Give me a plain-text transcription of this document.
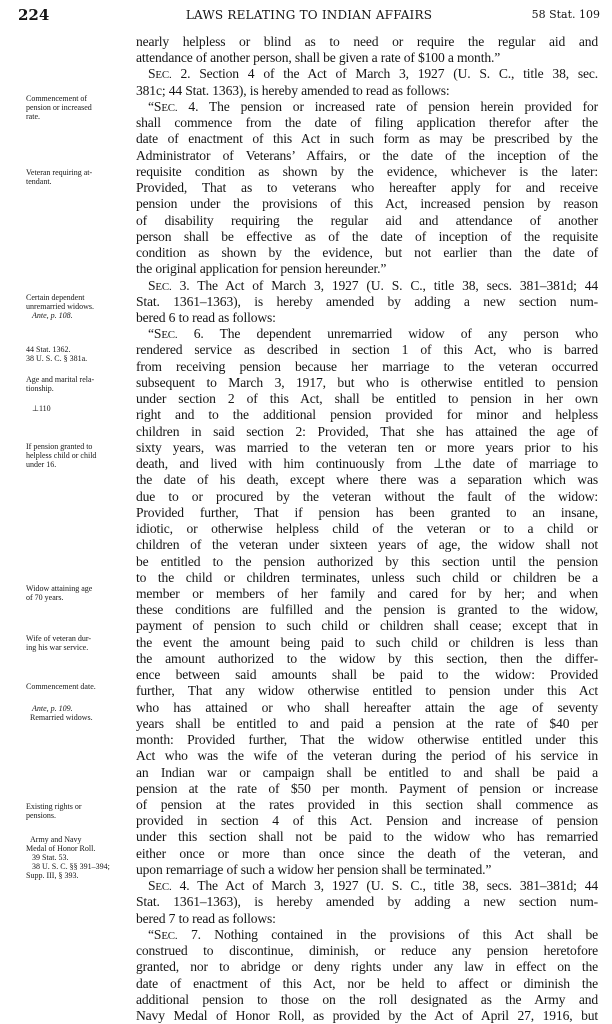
224	LAWS RELATING TO INDIAN AFFAIRS	58 Stat. 109
Commencement of
pension or increased
rate.
Veteran requiring at-
tendant.
Certain dependent
unremarried widows.
Ante, p. 108.
44 Stat. 1362.
38 U. S. C. § 381a.
Age and marital rela-
tionship.
⊥110
If pension granted to
helpless child or child
under 16.
Widow attaining age
of 70 years.
Wife of veteran dur-
ing his war service.
Commencement date.
Ante, p. 109.
Remarried widows.
Existing rights or
pensions.
Army and Navy
Medal of Honor Roll.
39 Stat. 53.
38 U. S. C. §§ 391–394;
Supp. III, § 393.
nearly helpless or blind as to need or require the regular aid and
attendance of another person, shall be given a rate of $100 a month.”
SEC. 2. Section 4 of the Act of March 3, 1927 (U. S. C., title 38, sec.
381c; 44 Stat. 1363), is hereby amended to read as follows:
“SEC. 4. The pension or increased rate of pension herein provided for
shall commence from the date of filing application therefor after the
date of enactment of this Act in such form as may be prescribed by the
Administrator of Veterans’ Affairs, or the date of the inception of the
requisite condition as shown by the evidence, whichever is the later:
Provided, That as to veterans who hereafter apply for and receive
pension under the provisions of this Act, increased pension by reason
of disability requiring the regular aid and attendance of another
person shall be effective as of the date of inception of the requisite
condition as shown by the evidence, but not earlier than the date of
the original application for pension hereunder.”
SEC. 3. The Act of March 3, 1927 (U. S. C., title 38, secs. 381–381d; 44
Stat. 1361–1363), is hereby amended by adding a new section num-
bered 6 to read as follows:
“SEC. 6. The dependent unremarried widow of any person who
rendered service as described in section 1 of this Act, who is barred
from receiving pension because her marriage to the veteran occurred
subsequent to March 3, 1917, but who is otherwise entitled to pension
under section 2 of this Act, shall be entitled to pension in her own
right and to the additional pension provided for minor and helpless
children in said section 2: Provided, That she has attained the age of
sixty years, was married to the veteran ten or more years prior to his
death, and lived with him continuously from ⊥the date of marriage to
the date of his death, except where there was a separation which was
due to or procured by the veteran without the fault of the widow:
Provided further, That if pension has been granted to an insane,
idiotic, or otherwise helpless child of the veteran or to a child or
children of the veteran under sixteen years of age, the widow shall not
be entitled to the pension authorized by this section until the pension
to the child or children terminates, unless such child or children be a
member or members of her family and cared for by her; and when
these conditions are fulfilled and the pension is granted to the widow,
payment of pension to such child or children shall cease; except that in
the event the amount being paid to such child or children is less than
the amount authorized to the widow by this section, then the differ-
ence between said amounts shall be paid to the widow: Provided
further, That any widow otherwise entitled to pension under this Act
who has attained or who shall hereafter attain the age of seventy
years shall be entitled to and paid a pension at the rate of $40 per
month: Provided further, That the widow otherwise entitled under this
Act who was the wife of the veteran during the period of his service in
an Indian war or campaign shall be entitled to and shall be paid a
pension at the rate of $50 per month. Payment of pension or increase
of pension at the rates provided in this section shall commence as
provided in section 4 of this Act. Pension and increase of pension
under this section shall not be paid to the widow who has remarried
either once or more than once since the death of the veteran, and
upon remarriage of such a widow her pension shall be terminated.”
SEC. 4. The Act of March 3, 1927 (U. S. C., title 38, secs. 381–381d; 44
Stat. 1361–1363), is hereby amended by adding a new section num-
bered 7 to read as follows:
“SEC. 7. Nothing contained in the provisions of this Act shall be
construed to discontinue, diminish, or reduce any pension heretofore
granted, nor to abridge or deny rights under any law in effect on the
date of enactment of this Act, nor be held to affect or diminish the
additional pension to those on the roll designated as the Army and
Navy Medal of Honor Roll, as provided by the Act of April 27, 1916, but
